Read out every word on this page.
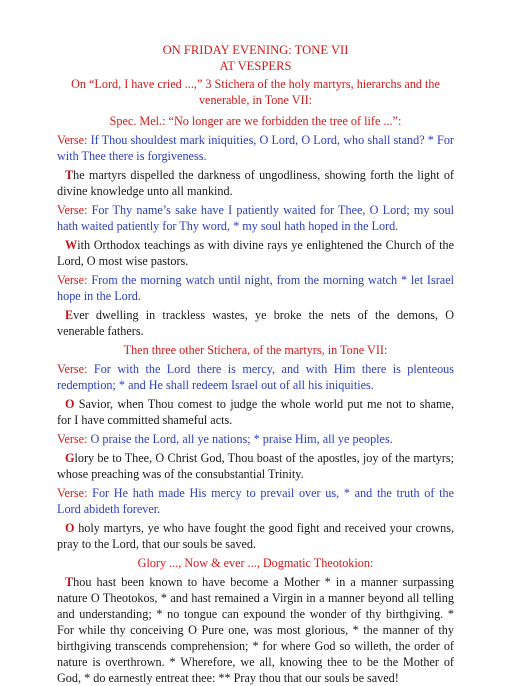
ON FRIDAY EVENING: TONE VII
AT VESPERS

On “Lord, I have cried ...,” 3 Stichera of the holy martyrs, hierarchs and the venerable, in Tone VII:

Spec. Mel.: “No longer are we forbidden the tree of life ...”:

Verse: If Thou shouldest mark iniquities, O Lord, O Lord, who shall stand? * For with Thee there is forgiveness.

The martyrs dispelled the darkness of ungodliness, showing forth the light of divine knowledge unto all mankind.

Verse: For Thy name’s sake have I patiently waited for Thee, O Lord; my soul hath waited patiently for Thy word, * my soul hath hoped in the Lord.

With Orthodox teachings as with divine rays ye enlightened the Church of the Lord, O most wise pastors.

Verse: From the morning watch until night, from the morning watch * let Israel hope in the Lord.

Ever dwelling in trackless wastes, ye broke the nets of the demons, O venerable fathers.

Then three other Stichera, of the martyrs, in Tone VII:

Verse: For with the Lord there is mercy, and with Him there is plenteous redemption; * and He shall redeem Israel out of all his iniquities.

O Savior, when Thou comest to judge the whole world put me not to shame, for I have committed shameful acts.

Verse: O praise the Lord, all ye nations; * praise Him, all ye peoples.

Glory be to Thee, O Christ God, Thou boast of the apostles, joy of the martyrs; whose preaching was of the consubstantial Trinity.

Verse: For He hath made His mercy to prevail over us, * and the truth of the Lord abideth forever.

O holy martyrs, ye who have fought the good fight and received your crowns, pray to the Lord, that our souls be saved.

Glory ..., Now & ever ..., Dogmatic Theotokion:

Thou hast been known to have become a Mother * in a manner surpassing nature O Theotokos, * and hast remained a Virgin in a manner beyond all telling and understanding; * no tongue can expound the wonder of thy birthgiving. * For while thy conceiving O Pure one, was most glorious, * the manner of thy birthgiving transcends comprehension; * for where God so willeth, the order of nature is overthrown. * Wherefore, we all, knowing thee to be the Mother of God, * do earnestly entreat thee: ** Pray thou that our souls be saved!
